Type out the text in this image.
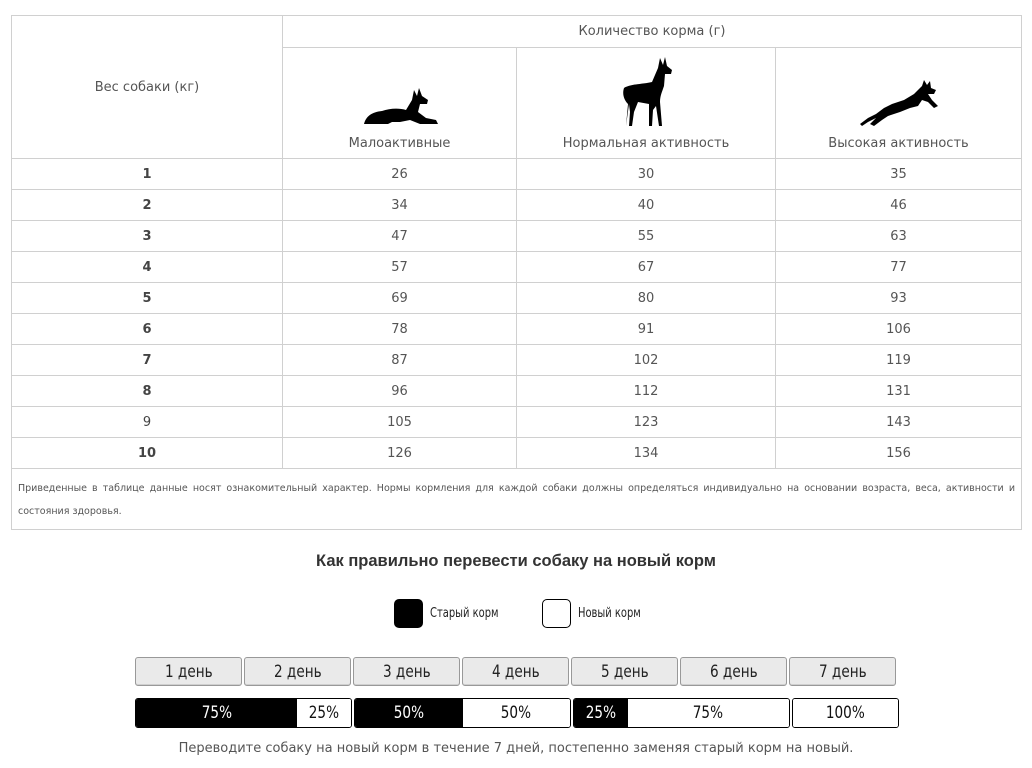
Вес собаки (кг)	Количество корма (г)		

	Малоактивные	Нормальная активность	Высокая активность

1	26	30	35
2	34	40	46
3	47	55	63
4	57	67	77
5	69	80	93
6	78	91	106
7	87	102	119
8	96	112	131
9	105	123	143
10	126	134	156
Приведенные в таблице данные носят ознакомительный характер. Нормы кормления для каждой собаки должны определяться индивидуально на основании возраста, веса, активности и состояния здоровья.			
Как правильно перевести собаку на новый корм
Старый корм	Новый корм
1 день	2 день	3 день	4 день	5 день	6 день	7 день
75%	25%	50%	50%	25%	75%	100%
Переводите собаку на новый корм в течение 7 дней, постепенно заменяя старый корм на новый.
